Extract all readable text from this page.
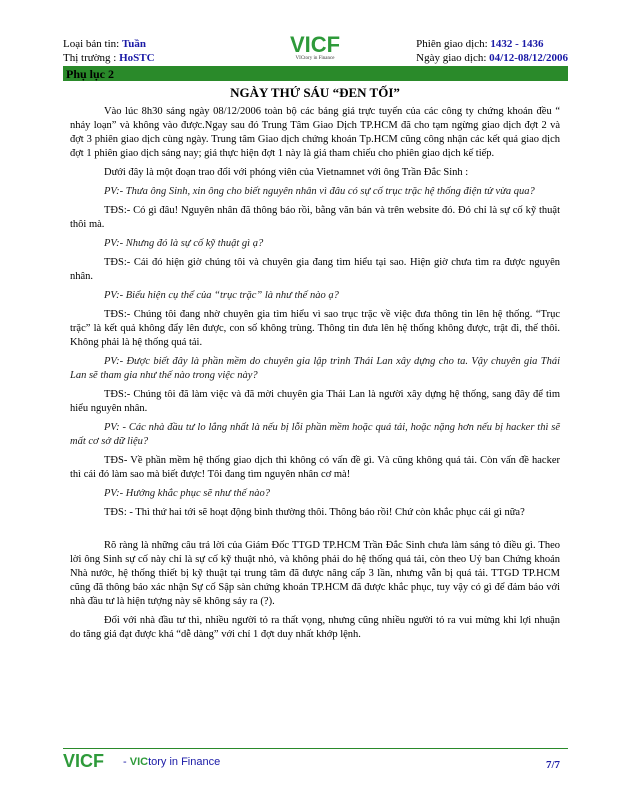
Loại bản tin: Tuần
Thị trường : HoSTC
Phiên giao dịch: 1432 - 1436
Ngày giao dịch: 04/12-08/12/2006
VICF
VICtory in Finance
Phụ lục 2
NGÀY THỨ SÁU “ĐEN TỐI”
Vào lúc 8h30 sáng ngày 08/12/2006 toàn bộ các bảng giá trực tuyến của các công ty chứng khoán đều “ nhảy loạn” và không vào được.Ngay sau đó Trung Tâm Giao Dịch TP.HCM đã cho tạm ngừng giao dịch đợt 2 và đợt 3 phiên giao dịch cùng ngày. Trung tâm Giao dịch chứng khoán Tp.HCM cũng công nhận các kết quả giao dịch đợt 1 phiên giao dịch sáng nay; giá thực hiện đợt 1 này là giá tham chiếu cho phiên giao dịch kế tiếp.
Dưới đây là một đoạn trao đổi với phóng viên của Vietnamnet với ông Trần Đắc Sinh :
PV:- Thưa ông Sinh, xin ông cho biết nguyên nhân vì đâu có sự cố trục trặc hệ thống điện tử vừa qua?
TĐS:- Có gì đâu! Nguyên nhân đã thông báo rồi, bằng văn bản và trên website đó. Đó chỉ là sự cố kỹ thuật thôi mà.
PV:- Nhưng đó là sự cố kỹ thuật gì ạ?
TĐS:- Cái đó hiện giờ chúng tôi và chuyên gia đang tìm hiểu tại sao. Hiện giờ chưa tìm ra được nguyên nhân.
PV:- Biểu hiện cụ thể của “trục trặc” là như thế nào ạ?
TĐS:- Chúng tôi đang nhờ chuyên gia tìm hiểu vì sao trục trặc về việc đưa thông tin lên hệ thống. “Trục trặc” là kết quả không đẩy lên được, con số không trùng. Thông tin đưa lên hệ thống không được, trật đi, thế thôi. Không phải là hệ thống quá tải.
PV:- Được biết đây là phần mềm do chuyên gia lập trình Thái Lan xây dựng cho ta. Vậy chuyên gia Thái Lan sẽ tham gia như thế nào trong việc này?
TĐS:- Chúng tôi đã làm việc và đã mời chuyên gia Thái Lan là người xây dựng hệ thống, sang đây để tìm hiểu nguyên nhân.
PV: - Các nhà đầu tư lo lắng nhất là nếu bị lỗi phần mềm hoặc quá tải, hoặc nặng hơn nếu bị hacker thì sẽ mất cơ sở dữ liệu?
TĐS- Về phần mềm hệ thống giao dịch thì không có vấn đề gì. Và cũng không quá tải. Còn vấn đề hacker thì cái đó làm sao mà biết được! Tôi đang tìm nguyên nhân cơ mà!
PV:- Hướng khắc phục sẽ như thế nào?
TĐS: - Thì thứ hai tới sẽ hoạt động bình thường thôi. Thông báo rồi! Chứ còn khắc phục cái gì nữa?
Rõ ràng là những câu trả lời của Giám Đốc TTGD TP.HCM Trần Đắc Sinh chưa làm sáng tỏ điều gì. Theo lời ông Sinh sự cố này chỉ là sự cố kỹ thuật nhỏ, và không phải do hệ thống quá tải, còn theo Uỷ ban Chứng khoán Nhà nước, hệ thống thiết bị kỹ thuật tại trung tâm đã được nâng cấp 3 lần, nhưng vẫn bị quá tải. TTGD TP.HCM cũng đã thông báo xác nhận Sự cố Sập sàn chứng khoán TP.HCM đã được khắc phục, tuy vậy có gì để đảm bảo với nhà đầu tư là hiện tượng này sẽ không sảy ra (?).
Đối với nhà đầu tư thì, nhiều người tỏ ra thất vọng, nhưng cũng nhiều người tỏ ra vui mừng khi lợi nhuận do tăng giá đạt được khá “dễ dàng” với chỉ 1 đợt duy nhất khớp lệnh.
VICF - VICtory in Finance	7/7
